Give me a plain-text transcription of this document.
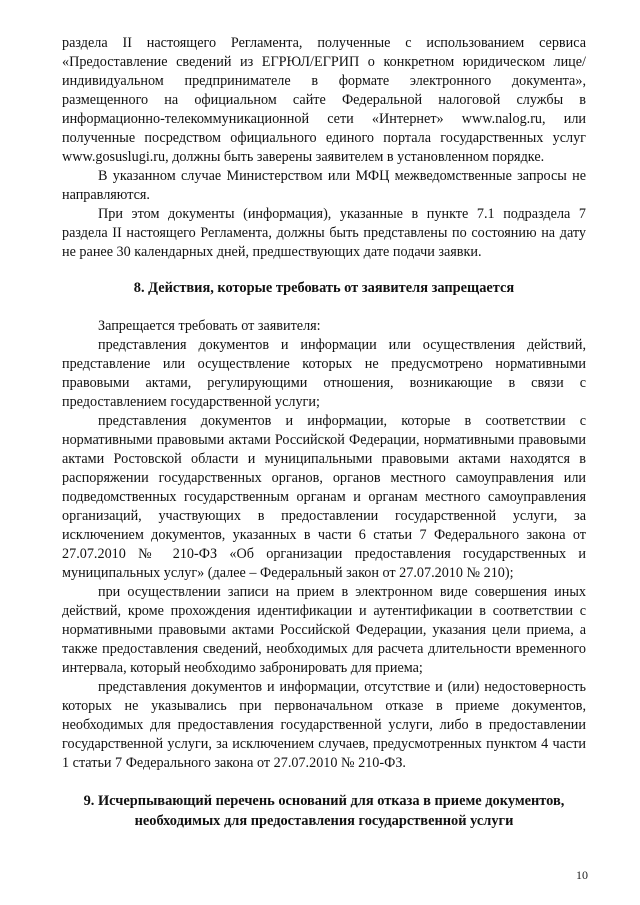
раздела II настоящего Регламента, полученные с использованием сервиса «Предоставление сведений из ЕГРЮЛ/ЕГРИП о конкретном юридическом лице/индивидуальном предпринимателе в формате электронного документа», размещенного на официальном сайте Федеральной налоговой службы в информационно-телекоммуникационной сети «Интернет» www.nalog.ru, или полученные посредством официального единого портала государственных услуг www.gosuslugi.ru, должны быть заверены заявителем в установленном порядке.

В указанном случае Министерством или МФЦ межведомственные запросы не направляются.

При этом документы (информация), указанные в пункте 7.1 подраздела 7 раздела II настоящего Регламента, должны быть представлены по состоянию на дату не ранее 30 календарных дней, предшествующих дате подачи заявки.

8. Действия, которые требовать от заявителя запрещается

Запрещается требовать от заявителя:

представления документов и информации или осуществления действий, представление или осуществление которых не предусмотрено нормативными правовыми актами, регулирующими отношения, возникающие в связи с предоставлением государственной услуги;

представления документов и информации, которые в соответствии с нормативными правовыми актами Российской Федерации, нормативными правовыми актами Ростовской области и муниципальными правовыми актами находятся в распоряжении государственных органов, органов местного самоуправления или подведомственных государственным органам и органам местного самоуправления организаций, участвующих в предоставлении государственной услуги, за исключением документов, указанных в части 6 статьи 7 Федерального закона от 27.07.2010 № 210-ФЗ «Об организации предоставления государственных и муниципальных услуг» (далее – Федеральный закон от 27.07.2010 № 210);

при осуществлении записи на прием в электронном виде совершения иных действий, кроме прохождения идентификации и аутентификации в соответствии с нормативными правовыми актами Российской Федерации, указания цели приема, а также предоставления сведений, необходимых для расчета длительности временного интервала, который необходимо забронировать для приема;

представления документов и информации, отсутствие и (или) недостоверность которых не указывались при первоначальном отказе в приеме документов, необходимых для предоставления государственной услуги, либо в предоставлении государственной услуги, за исключением случаев, предусмотренных пунктом 4 части 1 статьи 7 Федерального закона от 27.07.2010 № 210-ФЗ.

9. Исчерпывающий перечень оснований для отказа в приеме документов,
необходимых для предоставления государственной услуги
10
